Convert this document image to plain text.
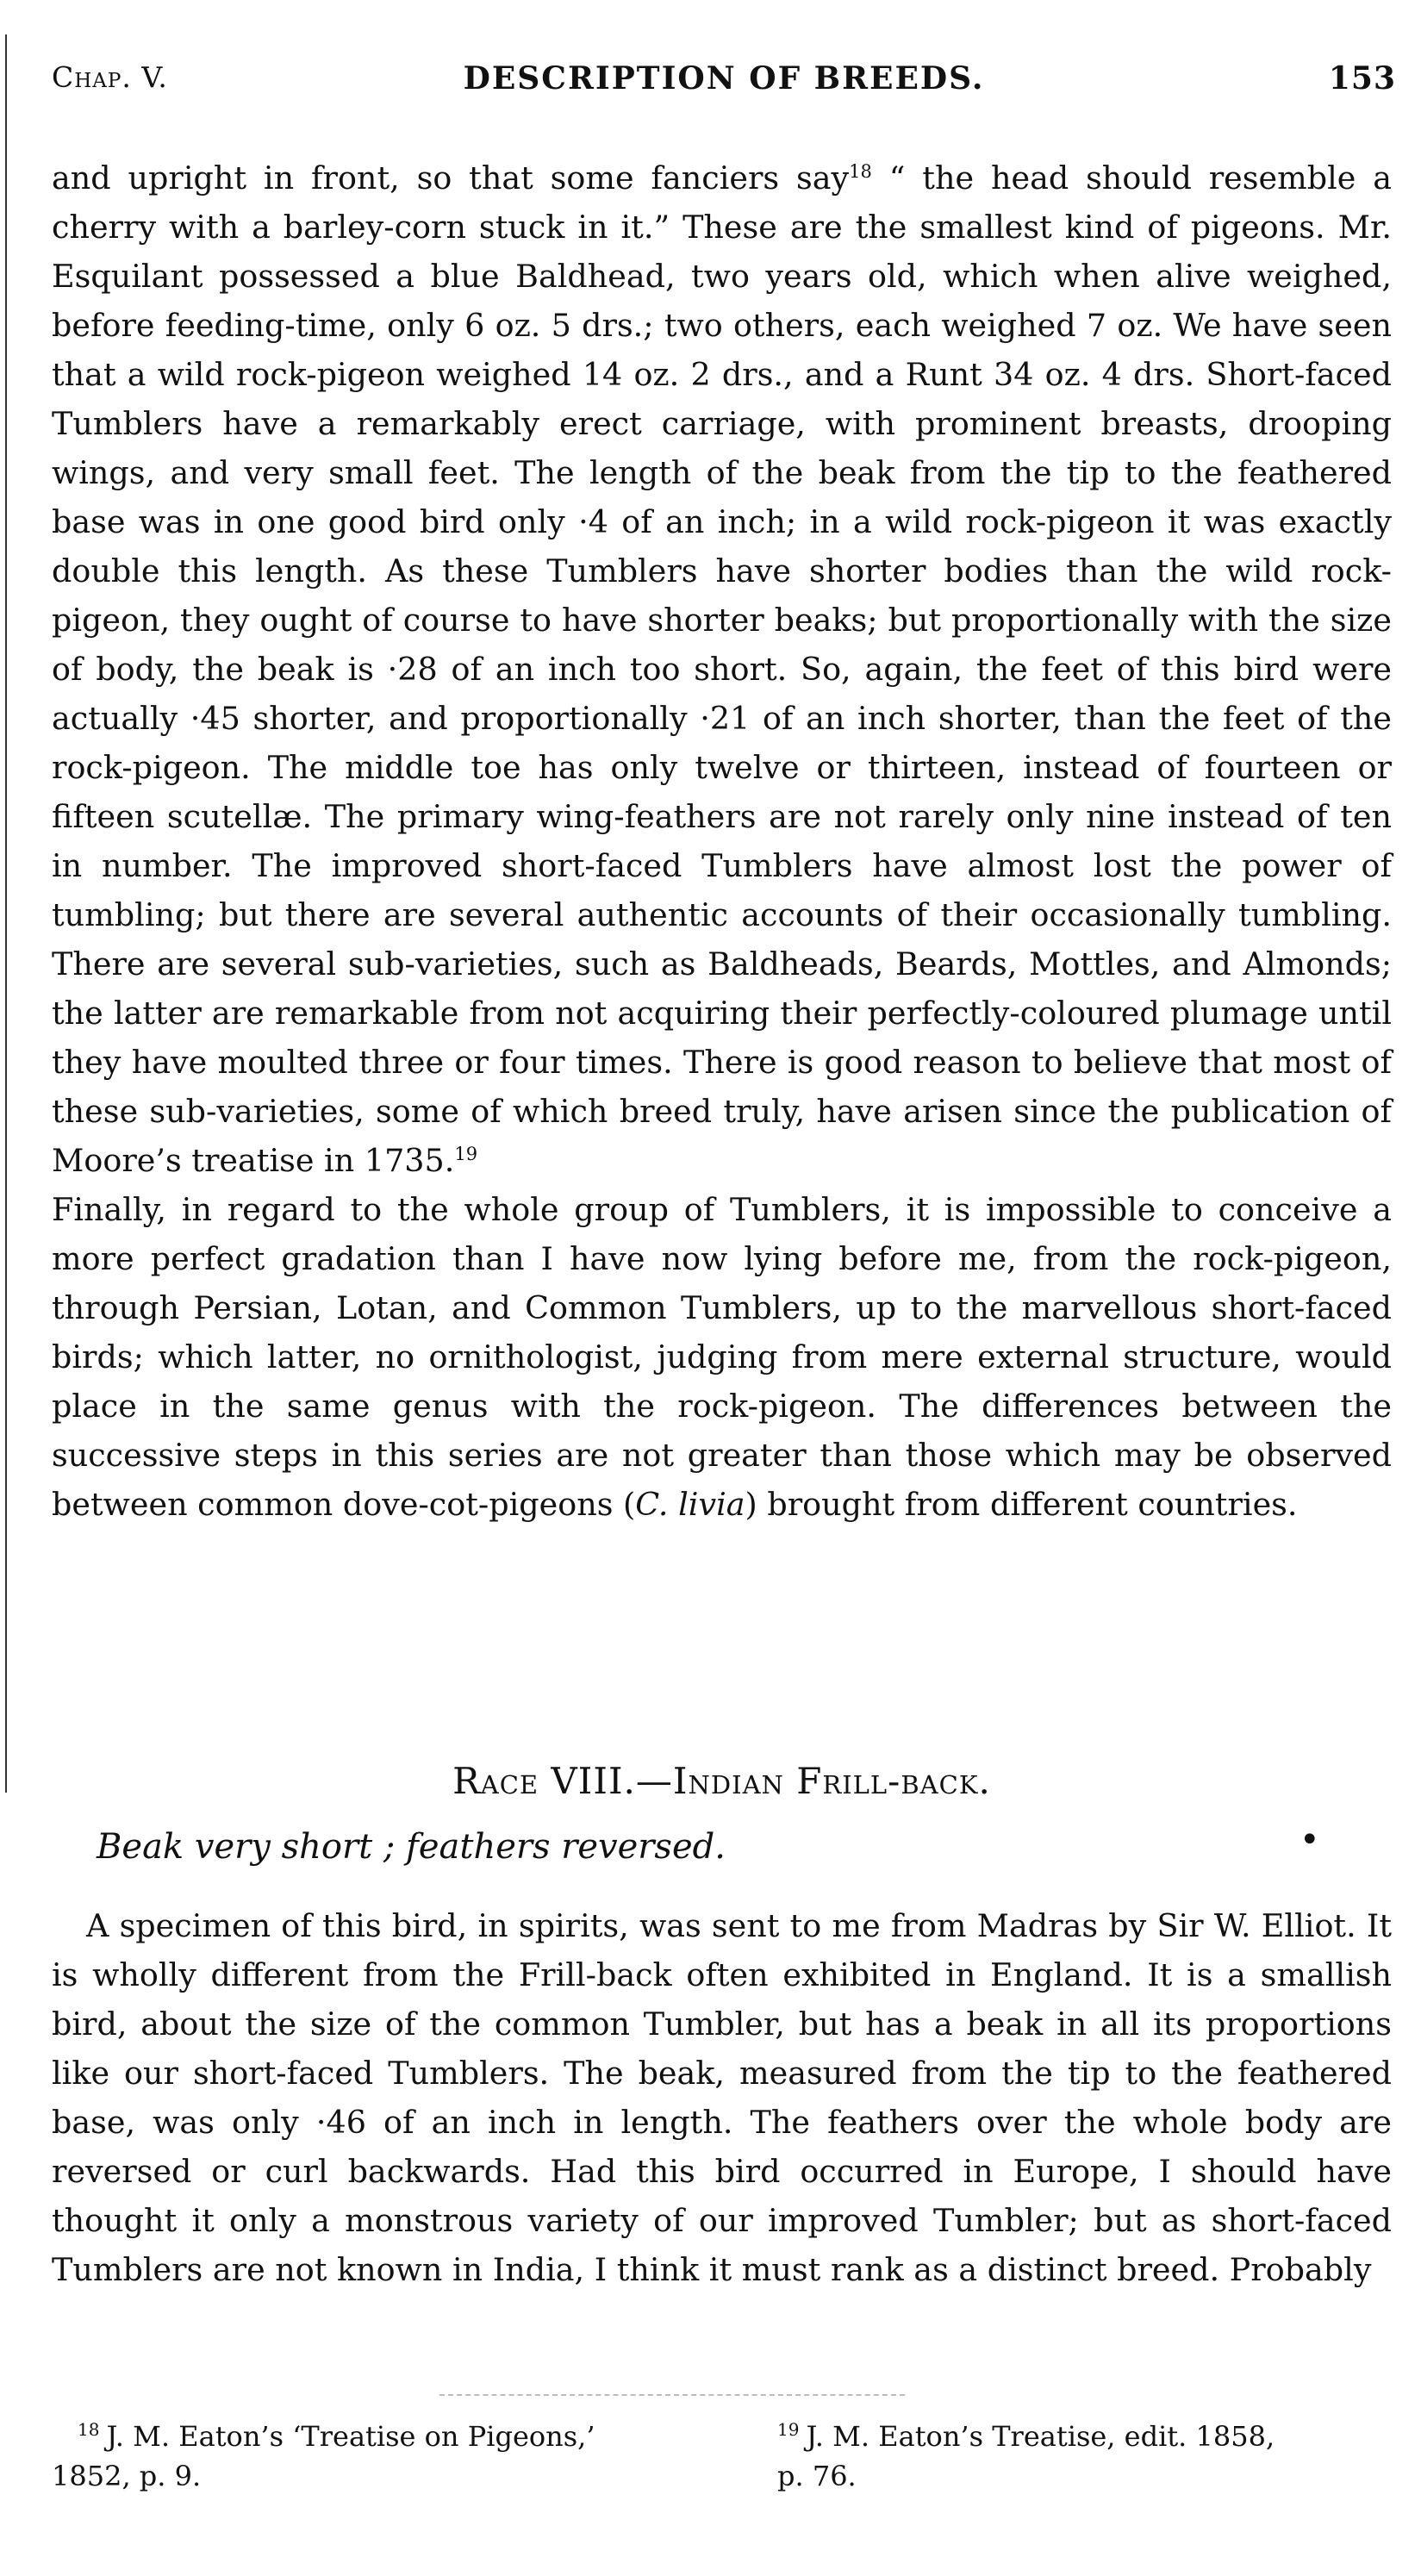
Chap. V.	DESCRIPTION OF BREEDS.	153

and upright in front, so that some fanciers say$^{18}$ “ the head should resemble a cherry with a barley-corn stuck in it.” These are the smallest kind of pigeons. Mr. Esquilant possessed a blue Baldhead, two years old, which when alive weighed, before feeding-time, only 6 oz. 5 drs.; two others, each weighed 7 oz. We have seen that a wild rock-pigeon weighed 14 oz. 2 drs., and a Runt 34 oz. 4 drs. Short-faced Tumblers have a remarkably erect carriage, with prominent breasts, drooping wings, and very small feet. The length of the beak from the tip to the feathered base was in one good bird only ·4 of an inch; in a wild rock-pigeon it was exactly double this length. As these Tumblers have shorter bodies than the wild rock-pigeon, they ought of course to have shorter beaks; but proportionally with the size of body, the beak is ·28 of an inch too short. So, again, the feet of this bird were actually ·45 shorter, and proportionally ·21 of an inch shorter, than the feet of the rock-pigeon. The middle toe has only twelve or thirteen, instead of fourteen or fifteen scutellæ. The primary wing-feathers are not rarely only nine instead of ten in number. The improved short-faced Tumblers have almost lost the power of tumbling; but there are several authentic accounts of their occasionally tumbling. There are several sub-varieties, such as Baldheads, Beards, Mottles, and Almonds; the latter are remarkable from not acquiring their perfectly-coloured plumage until they have moulted three or four times. There is good reason to believe that most of these sub-varieties, some of which breed truly, have arisen since the publication of Moore’s treatise in 1735.19

Finally, in regard to the whole group of Tumblers, it is impossible to conceive a more perfect gradation than I have now lying before me, from the rock-pigeon, through Persian, Lotan, and Common Tumblers, up to the marvellous short-faced birds; which latter, no ornithologist, judging from mere external structure, would place in the same genus with the rock-pigeon. The differences between the successive steps in this series are not greater than those which may be observed between common dove-cot-pigeons (C. livia) brought from different countries.

Race VIII.—Indian Frill-back.
Beak very short ; feathers reversed.	•

A specimen of this bird, in spirits, was sent to me from Madras by Sir W. Elliot. It is wholly different from the Frill-back often exhibited in England. It is a smallish bird, about the size of the common Tumbler, but has a beak in all its proportions like our short-faced Tumblers. The beak, measured from the tip to the feathered base, was only ·46 of an inch in length. The feathers over the whole body are reversed or curl backwards. Had this bird occurred in Europe, I should have thought it only a monstrous variety of our improved Tumbler; but as short-faced Tumblers are not known in India, I think it must rank as a distinct breed. Probably

$^{18}$ J. M. Eaton’s ‘Treatise on Pigeons,’
1852, p. 9.
$^{19}$ J. M. Eaton’s Treatise, edit. 1858,
p. 76.
